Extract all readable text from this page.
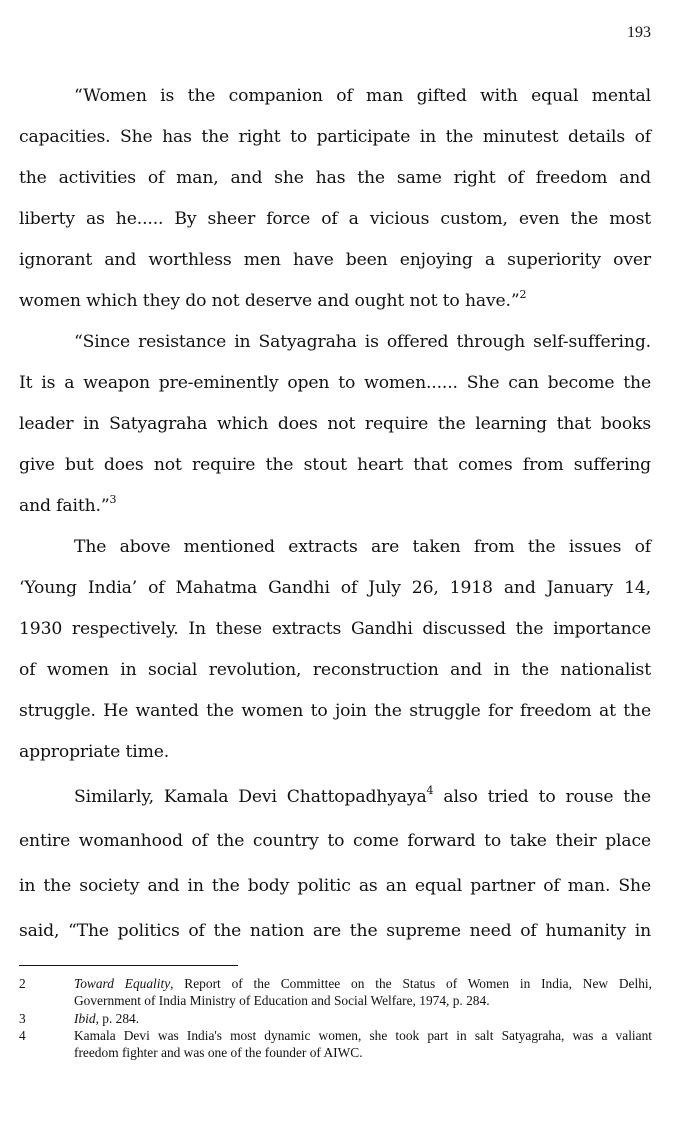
193
“Women is the companion of man gifted with equal mental
capacities. She has the right to participate in the minutest details of
the activities of man, and she has the same right of freedom and
liberty as he..... By sheer force of a vicious custom, even the most
ignorant and worthless men have been enjoying a superiority over
women which they do not deserve and ought not to have.”$^2$
“Since resistance in Satyagraha is offered through self-suffering.
It is a weapon pre-eminently open to women...... She can become the
leader in Satyagraha which does not require the learning that books
give but does not require the stout heart that comes from suffering
and faith.”$^3$
The above mentioned extracts are taken from the issues of
‘Young India’ of Mahatma Gandhi of July 26, 1918 and January 14,
1930 respectively. In these extracts Gandhi discussed the importance
of women in social revolution, reconstruction and in the nationalist
struggle. He wanted the women to join the struggle for freedom at the
appropriate time.
Similarly, Kamala Devi Chattopadhyaya$^4$ also tried to rouse the
entire womanhood of the country to come forward to take their place
in the society and in the body politic as an equal partner of man. She
said, “The politics of the nation are the supreme need of humanity in
2	Toward Equality, Report of the Committee on the Status of Women in India, New Delhi,
Government of India Ministry of Education and Social Welfare, 1974, p. 284.
3	Ibid, p. 284.
4	Kamala Devi was India's most dynamic women, she took part in salt Satyagraha, was a valiant
freedom fighter and was one of the founder of AIWC.
